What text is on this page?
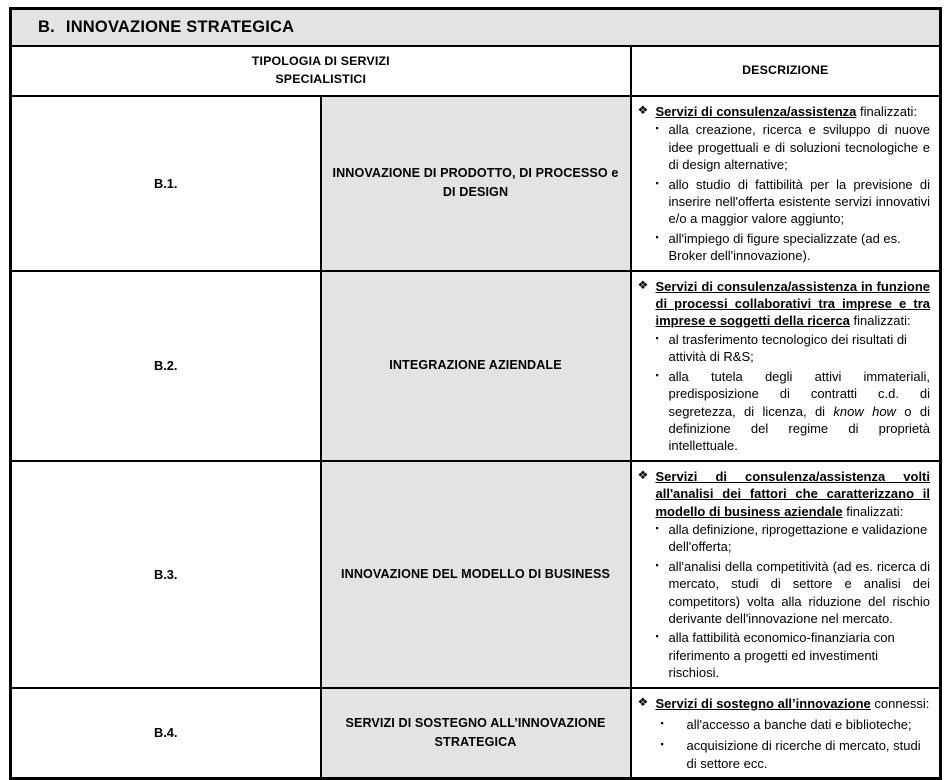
B. INNOVAZIONE STRATEGICA		

TIPOLOGIA DI SERVIZI
SPECIALISTICI		DESCRIZIONE
B.1.	INNOVAZIONE DI PRODOTTO, DI PROCESSO e DI DESIGN	

❖ Servizi di consulenza/assistenza finalizzati:

▪ alla creazione, ricerca e sviluppo di nuove idee progettuali e di soluzioni tecnologiche e di design alternative;
▪ allo studio di fattibilità per la previsione di inserire nell'offerta esistente servizi innovativi e/o a maggior valore aggiunto;
▪ all'impiego di figure specializzate (ad es. Broker dell'innovazione).

B.2.	INTEGRAZIONE AZIENDALE	

❖ Servizi di consulenza/assistenza in funzione di processi collaborativi tra imprese e tra imprese e soggetti della ricerca finalizzati:

▪ al trasferimento tecnologico dei risultati di attività di R&S;
▪ alla tutela degli attivi immateriali, predisposizione di contratti c.d. di segretezza, di licenza, di know how o di definizione del regime di proprietà intellettuale.

B.3.	INNOVAZIONE DEL MODELLO DI BUSINESS	

❖ Servizi di consulenza/assistenza volti all'analisi dei fattori che caratterizzano il modello di business aziendale finalizzati:

▪ alla definizione, riprogettazione e validazione dell'offerta;
▪ all'analisi della competitività (ad es. ricerca di mercato, studi di settore e analisi dei competitors) volta alla riduzione del rischio derivante dell'innovazione nel mercato.
▪ alla fattibilità economico-finanziaria con riferimento a progetti ed investimenti rischiosi.

B.4.	SERVIZI DI SOSTEGNO ALL’INNOVAZIONE STRATEGICA	

❖ Servizi di sostegno all’innovazione connessi:

▪ all'accesso a banche dati e biblioteche;
▪ acquisizione di ricerche di mercato, studi di settore ecc.
